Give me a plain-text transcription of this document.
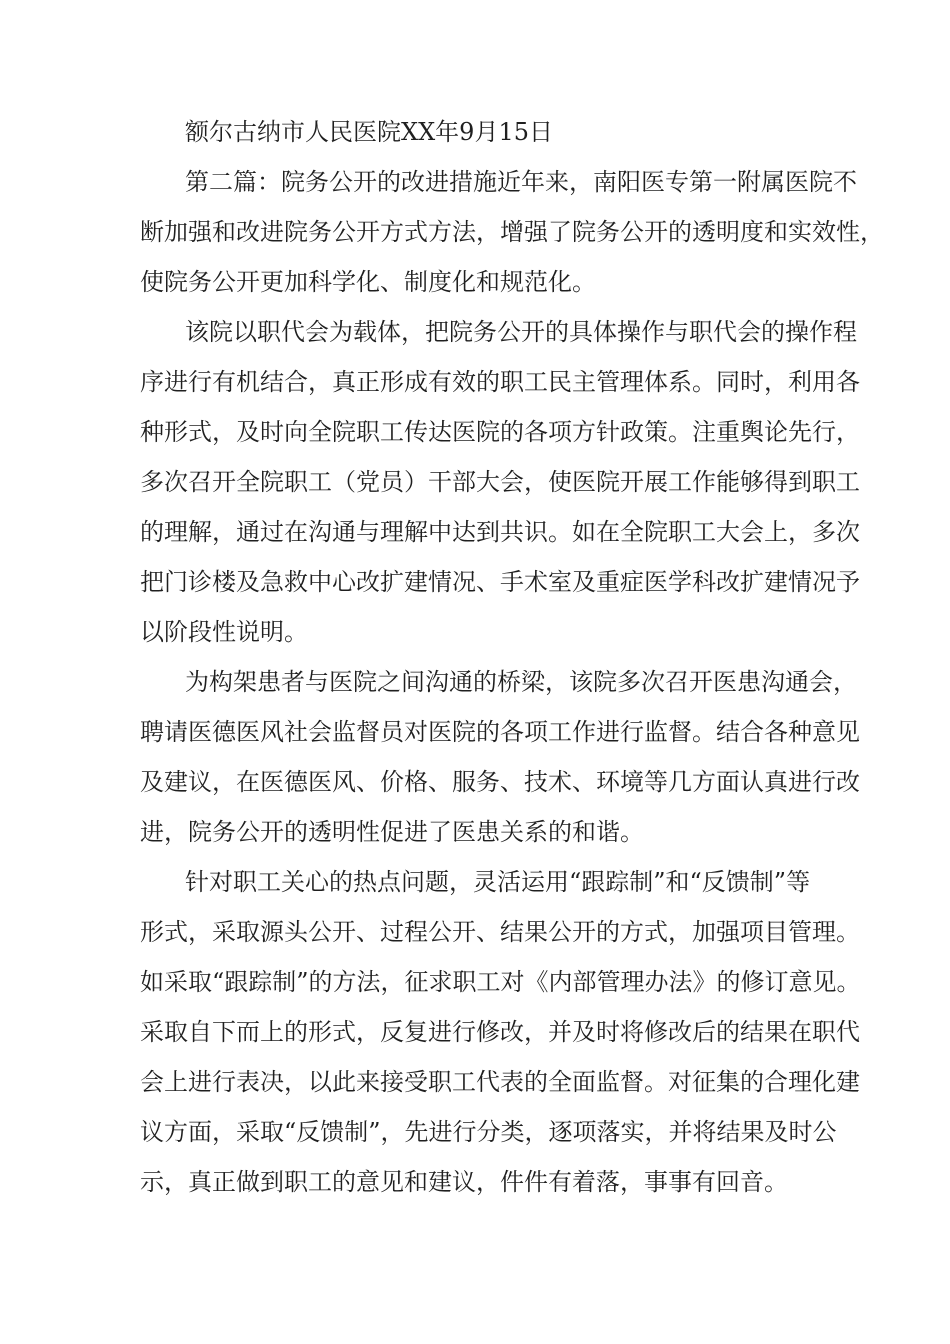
额尔古纳市人民医院XX年9月15日

第二篇：院务公开的改进措施近年来，南阳医专第一附属医院不

断加强和改进院务公开方式方法，增强了院务公开的透明度和实效性，

使院务公开更加科学化、制度化和规范化。

该院以职代会为载体，把院务公开的具体操作与职代会的操作程

序进行有机结合，真正形成有效的职工民主管理体系。同时，利用各

种形式，及时向全院职工传达医院的各项方针政策。注重舆论先行，

多次召开全院职工（党员）干部大会，使医院开展工作能够得到职工

的理解，通过在沟通与理解中达到共识。如在全院职工大会上，多次

把门诊楼及急救中心改扩建情况、手术室及重症医学科改扩建情况予

以阶段性说明。

为构架患者与医院之间沟通的桥梁，该院多次召开医患沟通会，

聘请医德医风社会监督员对医院的各项工作进行监督。结合各种意见

及建议，在医德医风、价格、服务、技术、环境等几方面认真进行改

进，院务公开的透明性促进了医患关系的和谐。

针对职工关心的热点问题，灵活运用“跟踪制”和“反馈制”等

形式，采取源头公开、过程公开、结果公开的方式，加强项目管理。

如采取“跟踪制”的方法，征求职工对《内部管理办法》的修订意见。

采取自下而上的形式，反复进行修改，并及时将修改后的结果在职代

会上进行表决，以此来接受职工代表的全面监督。对征集的合理化建

议方面，采取“反馈制”，先进行分类，逐项落实，并将结果及时公

示，真正做到职工的意见和建议，件件有着落，事事有回音。
